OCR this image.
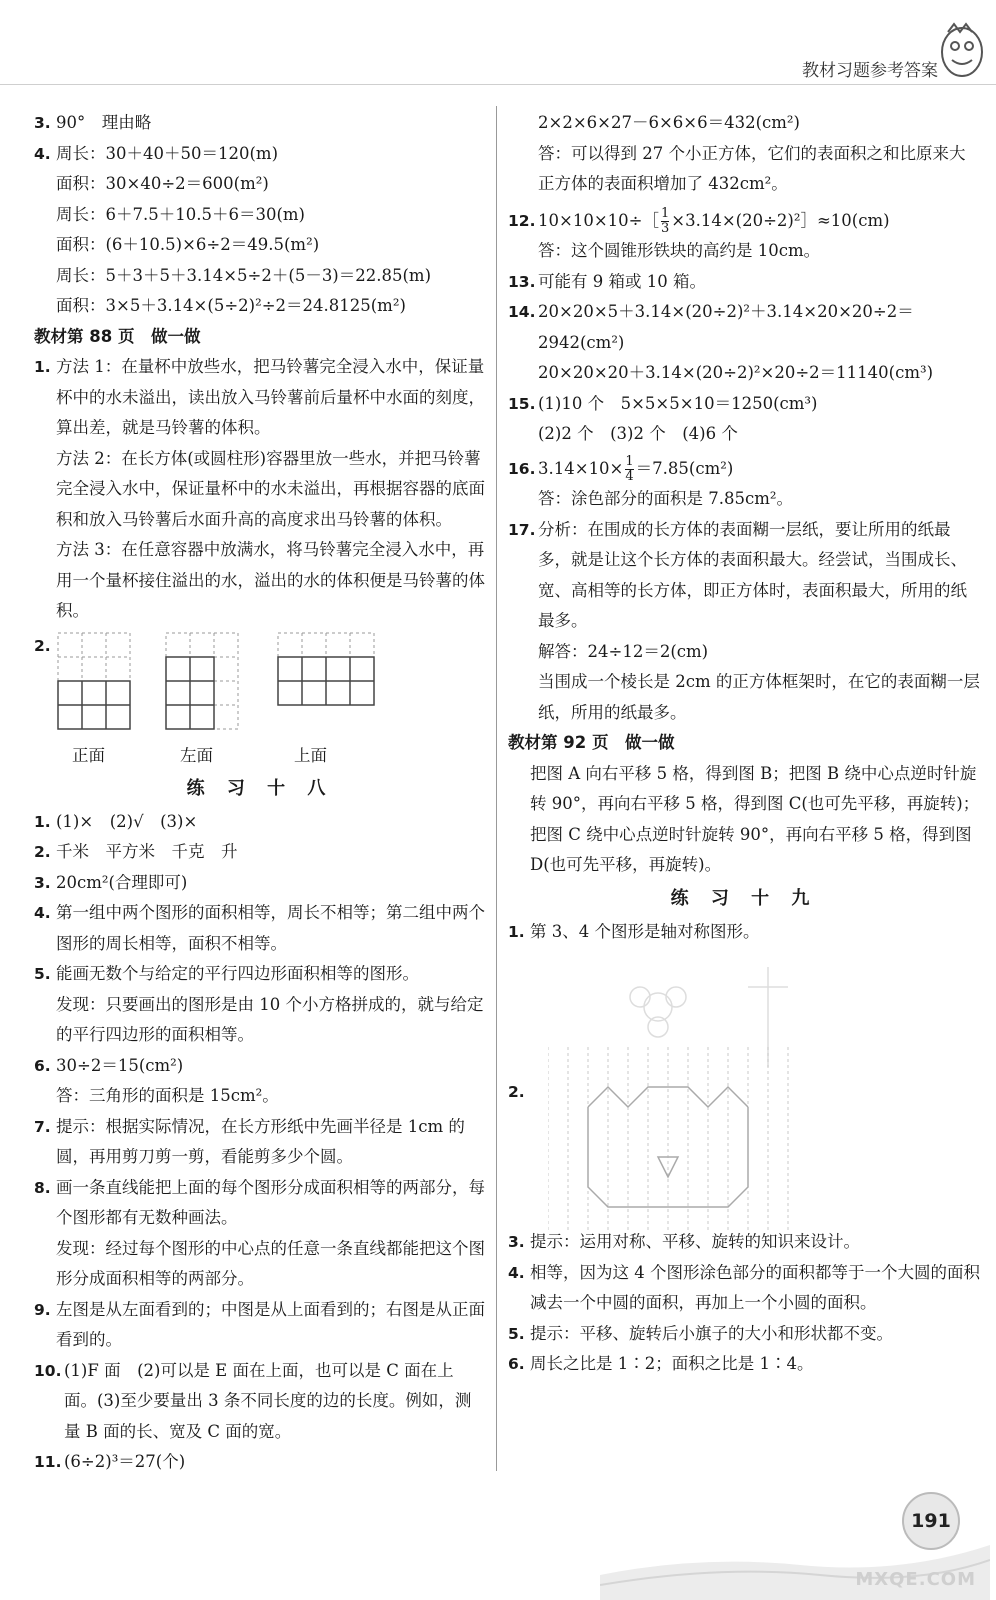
教材习题参考答案
3. 90°　理由略
4. 周长：30＋40＋50＝120(m)
面积：30×40÷2＝600(m²)
周长：6＋7.5＋10.5＋6＝30(m)
面积：(6＋10.5)×6÷2＝49.5(m²)
周长：5＋3＋5＋3.14×5÷2＋(5－3)＝22.85(m)
面积：3×5＋3.14×(5÷2)²÷2＝24.8125(m²)
教材第 88 页　做一做
1. 方法 1：在量杯中放些水，把马铃薯完全浸入水中，保证量杯中的水未溢出，读出放入马铃薯前后量杯中水面的刻度，算出差，就是马铃薯的体积。
方法 2：在长方体(或圆柱形)容器里放一些水，并把马铃薯完全浸入水中，保证量杯中的水未溢出，再根据容器的底面积和放入马铃薯后水面升高的高度求出马铃薯的体积。
方法 3：在任意容器中放满水，将马铃薯完全浸入水中，再用一个量杯接住溢出的水，溢出的水的体积便是马铃薯的体积。
2.
正面	左面	上面
练 习 十 八
1. (1)×　(2)√　(3)×
2. 千米　平方米　千克　升
3. 20cm²(合理即可)
4. 第一组中两个图形的面积相等，周长不相等；第二组中两个图形的周长相等，面积不相等。
5. 能画无数个与给定的平行四边形面积相等的图形。
发现：只要画出的图形是由 10 个小方格拼成的，就与给定的平行四边形的面积相等。
6. 30÷2＝15(cm²)
答：三角形的面积是 15cm²。
7. 提示：根据实际情况，在长方形纸中先画半径是 1cm 的圆，再用剪刀剪一剪，看能剪多少个圆。
8. 画一条直线能把上面的每个图形分成面积相等的两部分，每个图形都有无数种画法。
发现：经过每个图形的中心点的任意一条直线都能把这个图形分成面积相等的两部分。
9. 左图是从左面看到的；中图是从上面看到的；右图是从正面看到的。
10. (1)F 面　(2)可以是 E 面在上面，也可以是 C 面在上面。(3)至少要量出 3 条不同长度的边的长度。例如，测量 B 面的长、宽及 C 面的宽。
11. (6÷2)³＝27(个)
2×2×6×27－6×6×6＝432(cm²)
答：可以得到 27 个小正方体，它们的表面积之和比原来大正方体的表面积增加了 432cm²。
12. 10×10×10÷［ $\frac{1}{3}$ ×3.14×(20÷2)²］≈10(cm)
答：这个圆锥形铁块的高约是 10cm。
13. 可能有 9 箱或 10 箱。
14. 20×20×5＋3.14×(20÷2)²＋3.14×20×20÷2＝
2942(cm²)
20×20×20＋3.14×(20÷2)²×20÷2＝11140(cm³)
15. (1)10 个　5×5×5×10＝1250(cm³)
(2)2 个　(3)2 个　(4)6 个
16. $3.14\times 10\times \frac{1}{4} =7.85(cm^2)$
答：涂色部分的面积是 7.85cm²。
17. 分析：在围成的长方体的表面糊一层纸，要让所用的纸最多，就是让这个长方体的表面积最大。经尝试，当围成长、宽、高相等的长方体，即正方体时，表面积最大，所用的纸最多。
解答：24÷12＝2(cm)
当围成一个棱长是 2cm 的正方体框架时，在它的表面糊一层纸，所用的纸最多。
教材第 92 页　做一做
把图 A 向右平移 5 格，得到图 B；把图 B 绕中心点逆时针旋转 90°，再向右平移 5 格，得到图 C(也可先平移，再旋转)；把图 C 绕中心点逆时针旋转 90°，再向右平移 5 格，得到图 D(也可先平移，再旋转)。
练 习 十 九
1. 第 3、4 个图形是轴对称图形。
2.
3. 提示：运用对称、平移、旋转的知识来设计。
4. 相等，因为这 4 个图形涂色部分的面积都等于一个大圆的面积减去一个中圆的面积，再加上一个小圆的面积。
5. 提示：平移、旋转后小旗子的大小和形状都不变。
6. 周长之比是 1∶2；面积之比是 1∶4。
191
MXQE.COM
